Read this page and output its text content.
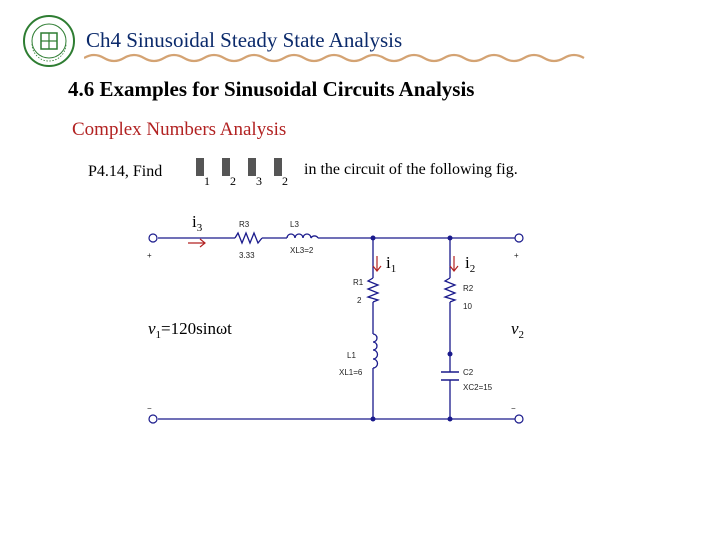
Ch4 Sinusoidal Steady State Analysis
4.6 Examples for Sinusoidal Circuits Analysis
Complex Numbers Analysis
P4.14, Find
1 2 3 2
in the circuit of the following fig.
+
−
+
−
R3
3.33
L3
XL3=2
R1
2
R2
10
L1
XL1=6	C2
XC2=15
$i_3$
$i_1$	$i_2$
$v_1=120\sin\omega t$	$v_2$
